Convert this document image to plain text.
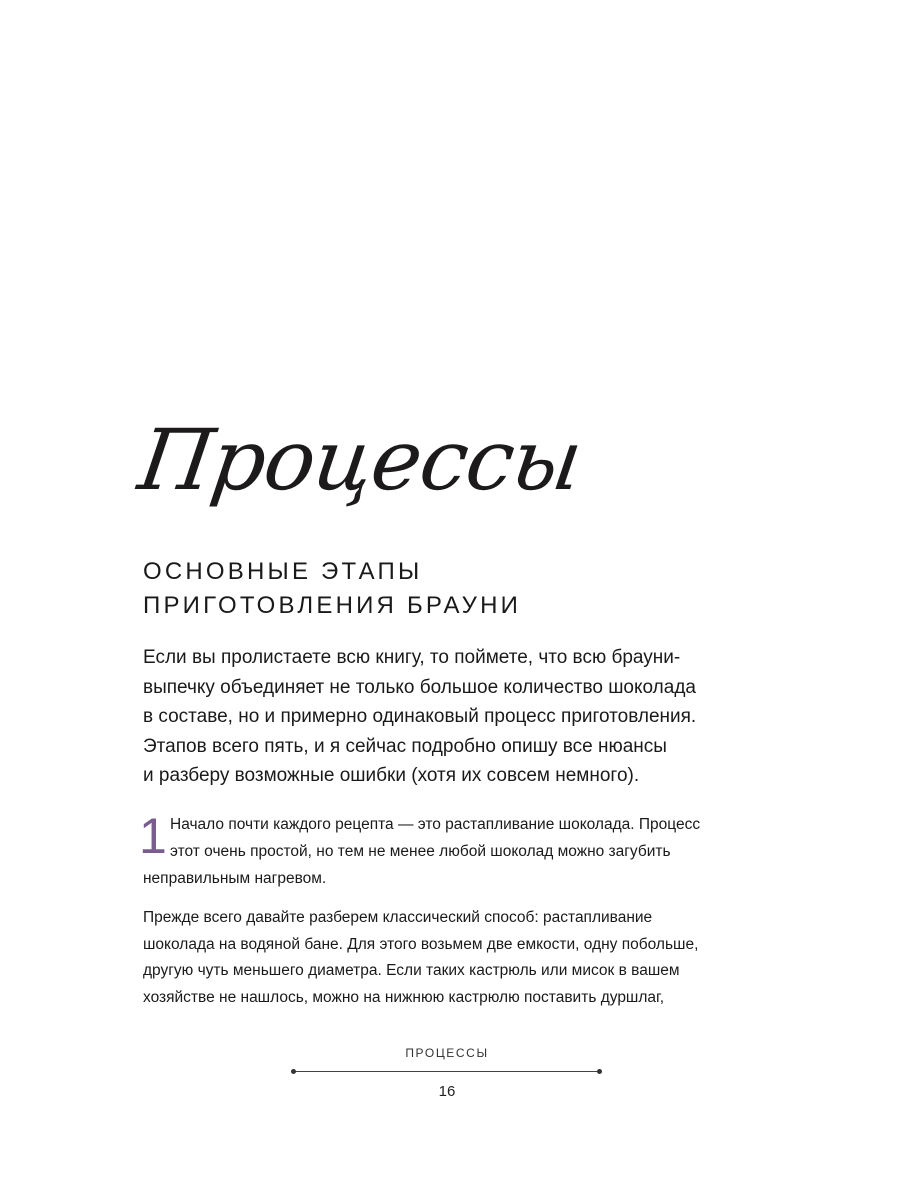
Процессы
ОСНОВНЫЕ ЭТАПЫ
ПРИГОТОВЛЕНИЯ БРАУНИ

Если вы пролистаете всю книгу, то поймете, что всю брауни-
выпечку объединяет не только большое количество шоколада
в составе, но и примерно одинаковый процесс приготовления.
Этапов всего пять, и я сейчас подробно опишу все нюансы
и разберу возможные ошибки (хотя их совсем немного).

1 Начало почти каждого рецепта — это растапливание шоколада. Процесс
этот очень простой, но тем не менее любой шоколад можно загубить
неправильным нагревом.

Прежде всего давайте разберем классический способ: растапливание
шоколада на водяной бане. Для этого возьмем две емкости, одну побольше,
другую чуть меньшего диаметра. Если таких кастрюль или мисок в вашем
хозяйстве не нашлось, можно на нижнюю кастрюлю поставить дуршлаг,

ПРОЦЕССЫ
16
